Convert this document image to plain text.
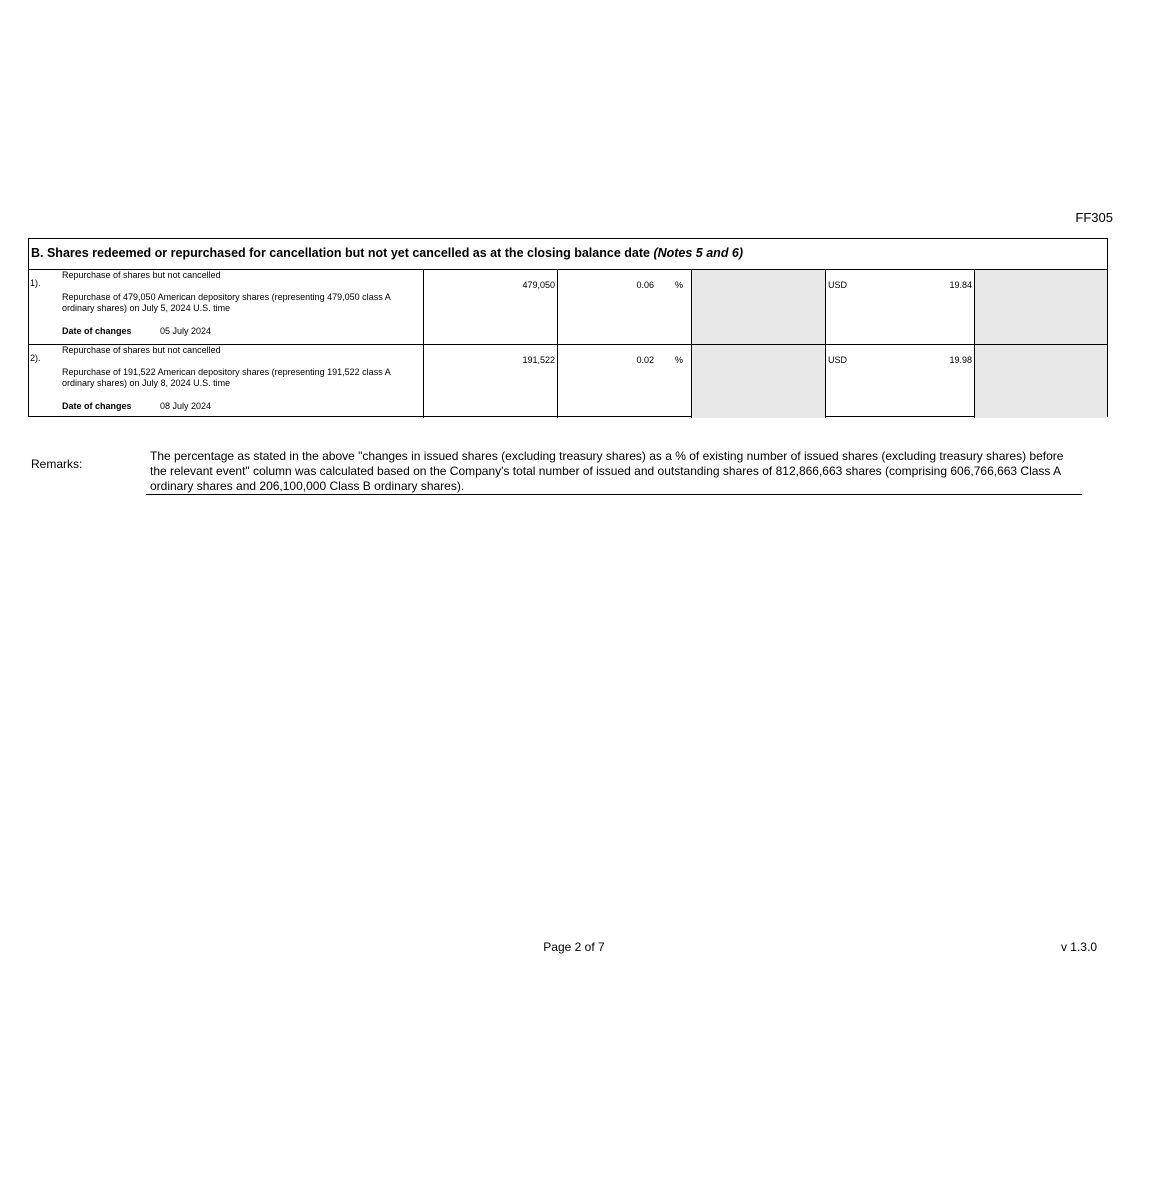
FF305
B. Shares redeemed or repurchased for cancellation but not yet cancelled as at the closing balance date (Notes 5 and 6)
1).
Repurchase of shares but not cancelled
Repurchase of 479,050 American depository shares (representing 479,050 class A ordinary shares) on July 5, 2024 U.S. time
Date of changes	05 July 2024
479,050	0.06 %	USD	19.84
2).
Repurchase of shares but not cancelled
Repurchase of 191,522 American depository shares (representing 191,522 class A ordinary shares) on July 8, 2024 U.S. time
Date of changes	08 July 2024
191,522	0.02 %	USD	19.98
Remarks:
The percentage as stated in the above "changes in issued shares (excluding treasury shares) as a % of existing number of issued shares (excluding treasury shares) before the relevant event" column was calculated based on the Company's total number of issued and outstanding shares of 812,866,663 shares (comprising 606,766,663 Class A ordinary shares and 206,100,000 Class B ordinary shares).
Page 2 of 7	v 1.3.0
